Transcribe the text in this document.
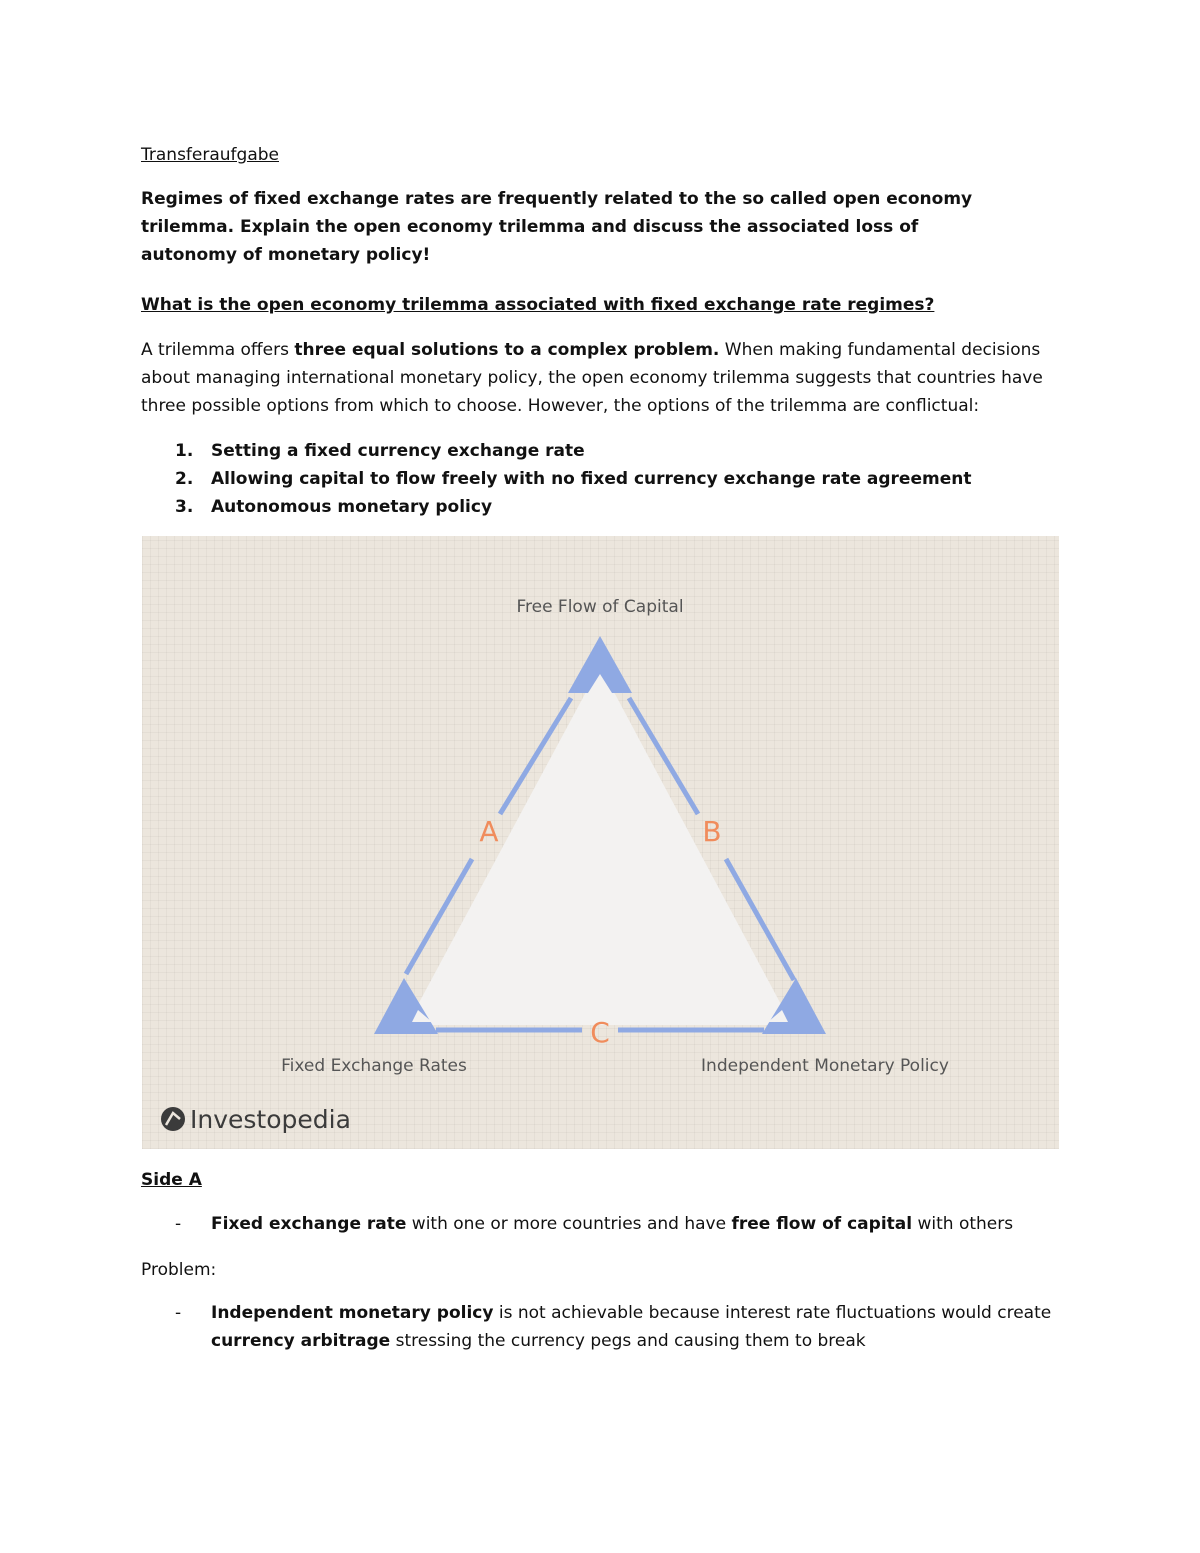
Transferaufgabe

Regimes of fixed exchange rates are frequently related to the so called open economy

trilemma. Explain the open economy trilemma and discuss the associated loss of

autonomy of monetary policy!

What is the open economy trilemma associated with fixed exchange rate regimes?

A trilemma offers three equal solutions to a complex problem. When making fundamental decisions

about managing international monetary policy, the open economy trilemma suggests that countries have

three possible options from which to choose. However, the options of the trilemma are conflictual:

1. Setting a fixed currency exchange rate
2. Allowing capital to flow freely with no fixed currency exchange rate agreement
3. Autonomous monetary policy
Free Flow of Capital
Fixed Exchange Rates	Independent Monetary Policy
A	B
C
Investopedia
Side A
- Fixed exchange rate with one or more countries and have free flow of capital with others
Problem:
- Independent monetary policy is not achievable because interest rate fluctuations would create
currency arbitrage stressing the currency pegs and causing them to break
